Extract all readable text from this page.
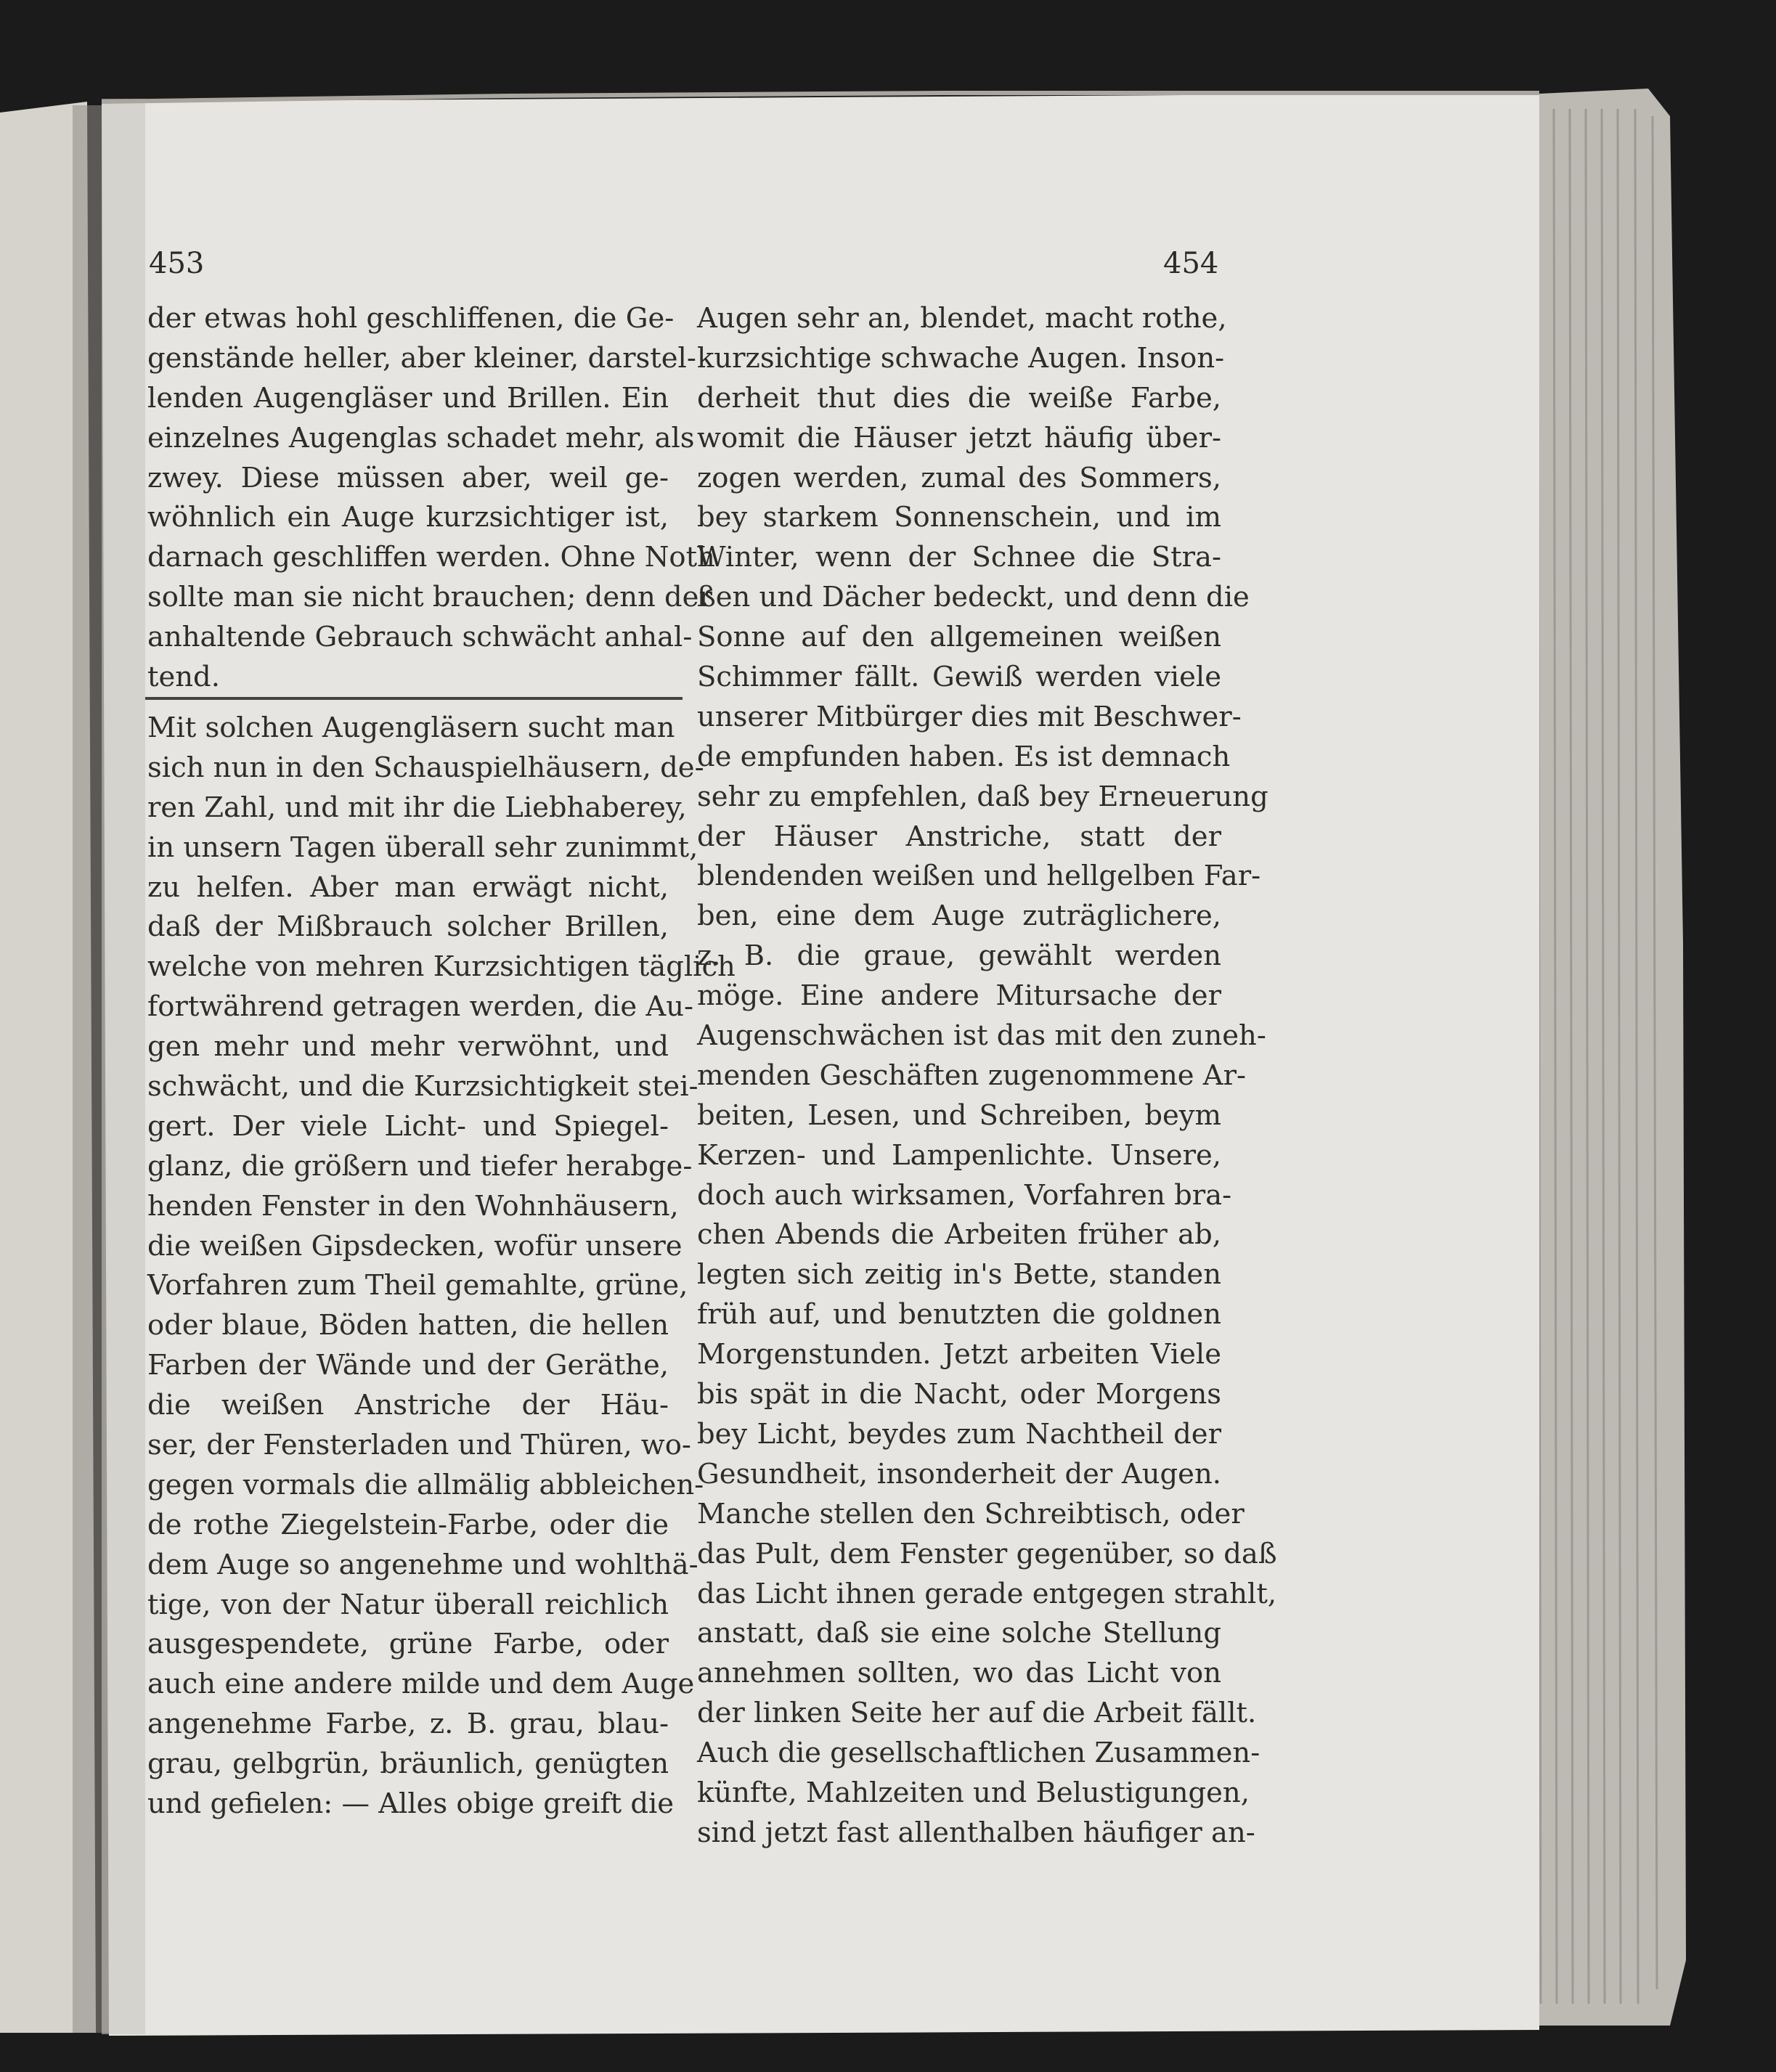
453	454
der etwas hohl geschliffenen, die Ge-
genstände heller, aber kleiner, darstel-
lenden Augengläser und Brillen. Ein
einzelnes Augenglas schadet mehr, als
zwey. Diese müssen aber, weil ge-
wöhnlich ein Auge kurzsichtiger ist,
darnach geschliffen werden. Ohne Noth
sollte man sie nicht brauchen; denn der
anhaltende Gebrauch schwächt anhal-
tend.
Mit solchen Augengläsern sucht man
sich nun in den Schauspielhäusern, de-
ren Zahl, und mit ihr die Liebhaberey,
in unsern Tagen überall sehr zunimmt,
zu helfen. Aber man erwägt nicht,
daß der Mißbrauch solcher Brillen,
welche von mehren Kurzsichtigen täglich
fortwährend getragen werden, die Au-
gen mehr und mehr verwöhnt, und
schwächt, und die Kurzsichtigkeit stei-
gert. Der viele Licht- und Spiegel-
glanz, die größern und tiefer herabge-
henden Fenster in den Wohnhäusern,
die weißen Gipsdecken, wofür unsere
Vorfahren zum Theil gemahlte, grüne,
oder blaue, Böden hatten, die hellen
Farben der Wände und der Geräthe,
die weißen Anstriche der Häu-
ser, der Fensterladen und Thüren, wo-
gegen vormals die allmälig abbleichen-
de rothe Ziegelstein-Farbe, oder die
dem Auge so angenehme und wohlthä-
tige, von der Natur überall reichlich
ausgespendete, grüne Farbe, oder
auch eine andere milde und dem Auge
angenehme Farbe, z. B. grau, blau-
grau, gelbgrün, bräunlich, genügten
und gefielen: — Alles obige greift die
Augen sehr an, blendet, macht rothe,
kurzsichtige schwache Augen. Inson-
derheit thut dies die weiße Farbe,
womit die Häuser jetzt häufig über-
zogen werden, zumal des Sommers,
bey starkem Sonnenschein, und im
Winter, wenn der Schnee die Stra-
ßen und Dächer bedeckt, und denn die
Sonne auf den allgemeinen weißen
Schimmer fällt. Gewiß werden viele
unserer Mitbürger dies mit Beschwer-
de empfunden haben. Es ist demnach
sehr zu empfehlen, daß bey Erneuerung
der Häuser Anstriche, statt der
blendenden weißen und hellgelben Far-
ben, eine dem Auge zuträglichere,
z. B. die graue, gewählt werden
möge. Eine andere Mitursache der
Augenschwächen ist das mit den zuneh-
menden Geschäften zugenommene Ar-
beiten, Lesen, und Schreiben, beym
Kerzen- und Lampenlichte. Unsere,
doch auch wirksamen, Vorfahren bra-
chen Abends die Arbeiten früher ab,
legten sich zeitig in's Bette, standen
früh auf, und benutzten die goldnen
Morgenstunden. Jetzt arbeiten Viele
bis spät in die Nacht, oder Morgens
bey Licht, beydes zum Nachtheil der
Gesundheit, insonderheit der Augen.
Manche stellen den Schreibtisch, oder
das Pult, dem Fenster gegenüber, so daß
das Licht ihnen gerade entgegen strahlt,
anstatt, daß sie eine solche Stellung
annehmen sollten, wo das Licht von
der linken Seite her auf die Arbeit fällt.
Auch die gesellschaftlichen Zusammen-
künfte, Mahlzeiten und Belustigungen,
sind jetzt fast allenthalben häufiger an-
